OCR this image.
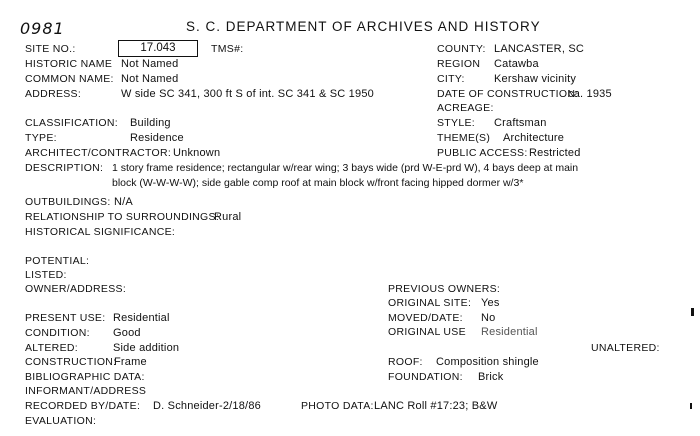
0981	S. C. DEPARTMENT OF ARCHIVES AND HISTORY
SITE NO.:	17.043	TMS#:
HISTORIC NAME Not Named
COMMON NAME: Not Named
ADDRESS:	W side SC 341, 300 ft S of int. SC 341 & SC 1950
CLASSIFICATION: Building
TYPE:	Residence
ARCHITECT/CONTRACTOR: Unknown
DESCRIPTION: 1 story frame residence; rectangular w/rear wing; 3 bays wide (prd W-E-prd W), 4 bays deep at main
block (W-W-W-W); side gable comp roof at main block w/front facing hipped dormer w/3*
OUTBUILDINGS: N/A
RELATIONSHIP TO SURROUNDINGS:
Rural
HISTORICAL SIGNIFICANCE:
POTENTIAL:
LISTED:
OWNER/ADDRESS:
PRESENT USE: Residential
CONDITION: Good
ALTERED:	Side addition
CONSTRUCTION:
Frame
BIBLIOGRAPHIC DATA:
INFORMANT/ADDRESS
RECORDED BY/DATE: D. Schneider-2/18/86
EVALUATION:
COUNTY: LANCASTER, SC
REGION Catawba
CITY:	Kershaw vicinity
DATE OF CONSTRUCTION:
ca. 1935
ACREAGE:
STYLE: Craftsman
THEME(S) Architecture
PUBLIC ACCESS: Restricted
PREVIOUS OWNERS:
ORIGINAL SITE: Yes
MOVED/DATE: No
ORIGINAL USE Residential
UNALTERED:
ROOF: Composition shingle
FOUNDATION: Brick
PHOTO DATA: LANC Roll #17:23; B&W
